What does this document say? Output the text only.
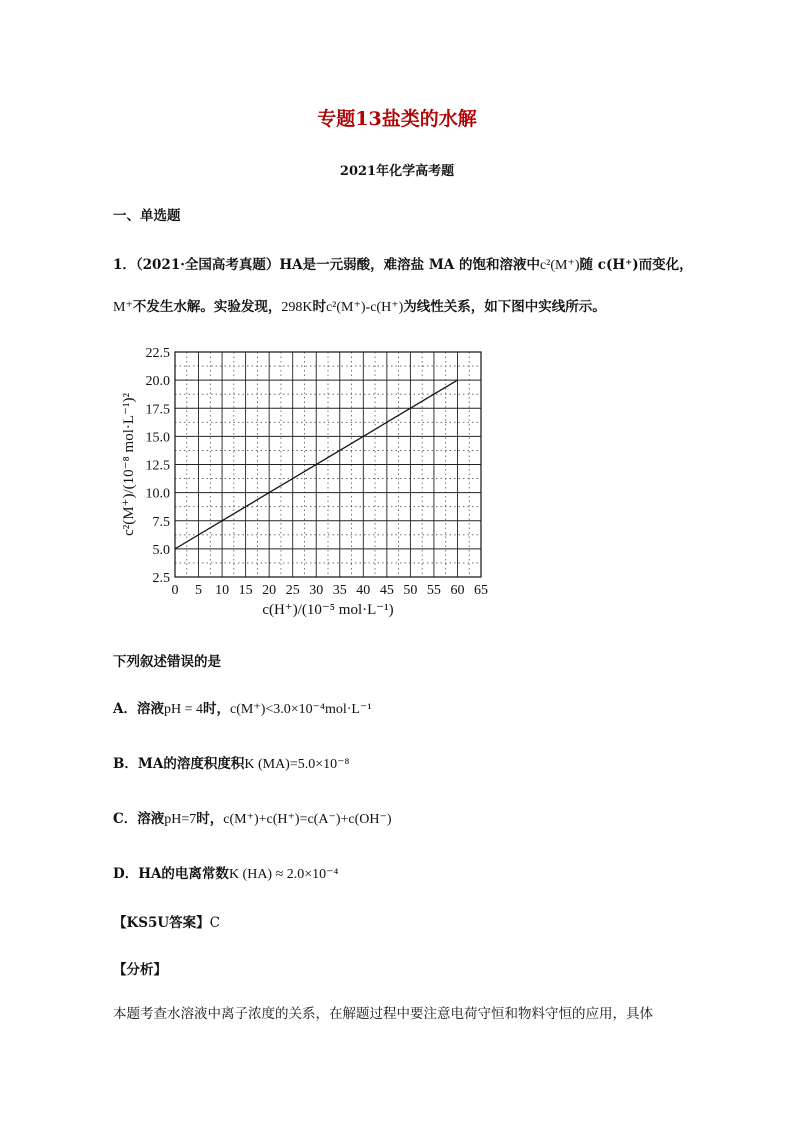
专题13盐类的水解
2021年化学高考题
一、单选题
1．（2021·全国高考真题）HA是一元弱酸，难溶盐 MA 的饱和溶液中c²(M⁺)随 c(H⁺)而变化，
M⁺不发生水解。实验发现，298K时c²(M⁺)-c(H⁺)为线性关系，如下图中实线所示。
0 5 10 15 20 25 30 35 40 45 50 55 60 65
2.5
5.0
7.5
10.0
12.5
15.0
17.5
20.0
22.5
c(H⁺)/(10⁻⁵ mol·L⁻¹)
c²(M⁺)/(10⁻⁸ mol·L⁻¹)²
下列叙述错误的是
A．溶液pH = 4时，c(M⁺)<3.0×10⁻⁴mol·L⁻¹
B．MA的溶度积度积K (MA)=5.0×10⁻⁸
C．溶液pH=7时，c(M⁺)+c(H⁺)=c(A⁻)+c(OH⁻)
D．HA的电离常数K (HA) ≈ 2.0×10⁻⁴
【KS5U答案】C
【分析】
本题考查水溶液中离子浓度的关系，在解题过程中要注意电荷守恒和物料守恒的应用，具体
